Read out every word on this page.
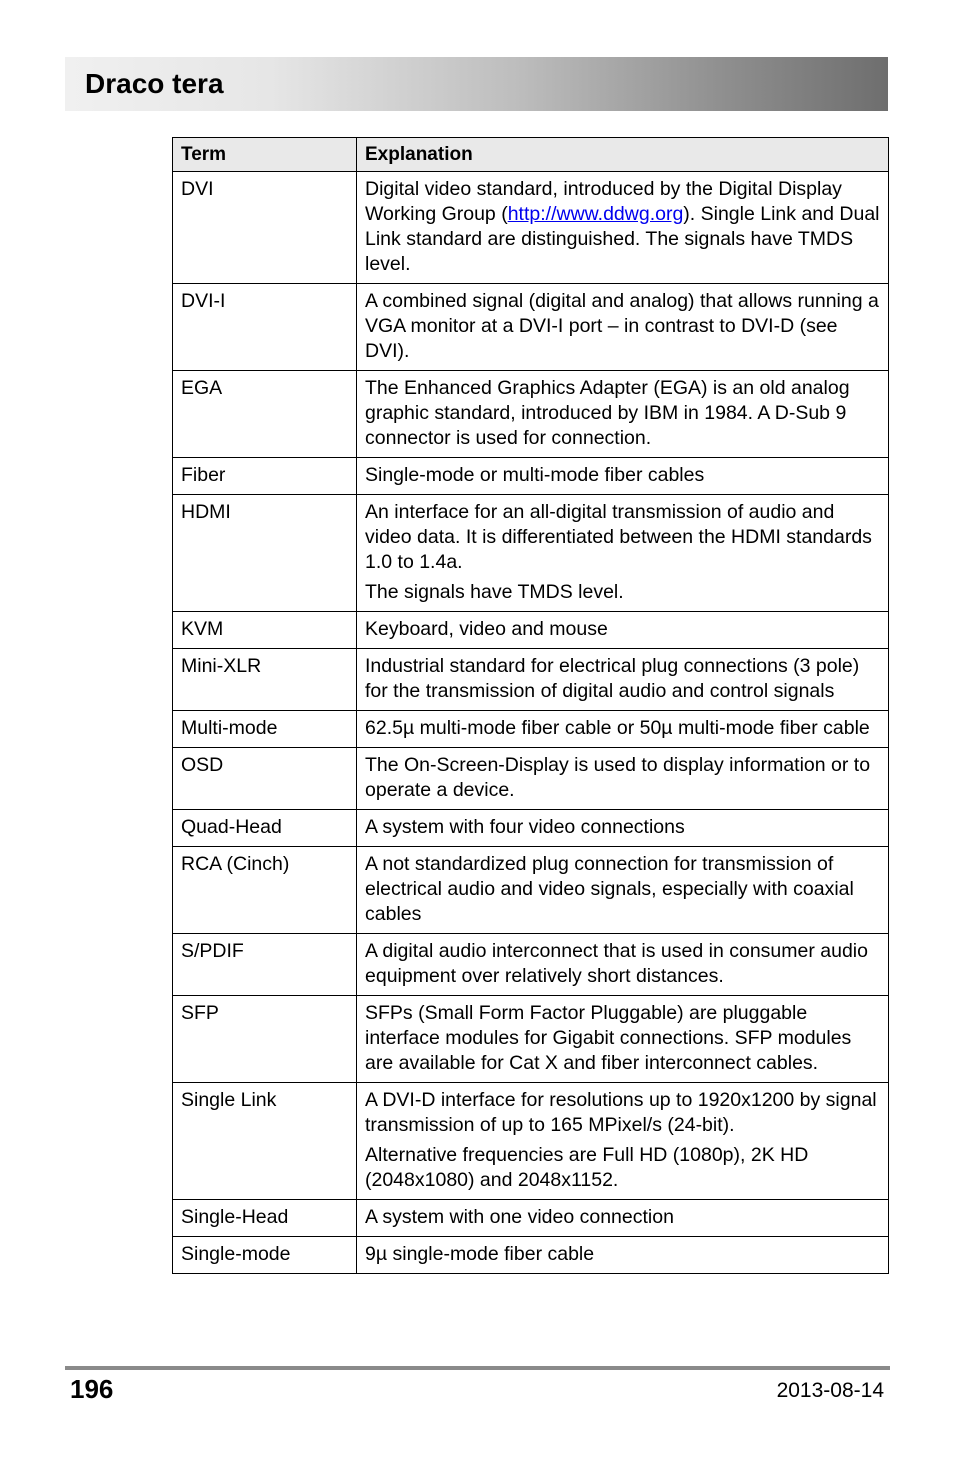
Draco tera
Term	Explanation
DVI	Digital video standard, introduced by the Digital Display Working Group (http://www.ddwg.org). Single Link and Dual Link standard are distinguished. The signals have TMDS level.

DVI-I	A combined signal (digital and analog) that allows running a VGA monitor at a DVI-I port – in contrast to DVI-D (see DVI).

EGA	The Enhanced Graphics Adapter (EGA) is an old analog graphic standard, introduced by IBM in 1984. A D-Sub 9 connector is used for connection.

Fiber	Single-mode or multi-mode fiber cables

HDMI	An interface for an all-digital transmission of audio and video data. It is differentiated between the HDMI standards 1.0 to 1.4a.

The signals have TMDS level.

KVM	Keyboard, video and mouse

Mini-XLR	Industrial standard for electrical plug connections (3 pole) for the transmission of digital audio and control signals

Multi-mode	62.5µ multi-mode fiber cable or 50µ multi-mode fiber cable

OSD	The On-Screen-Display is used to display information or to operate a device.

Quad-Head	A system with four video connections

RCA (Cinch)	A not standardized plug connection for transmission of electrical audio and video signals, especially with coaxial cables

S/PDIF	A digital audio interconnect that is used in consumer audio equipment over relatively short distances.

SFP	SFPs (Small Form Factor Pluggable) are pluggable interface modules for Gigabit connections. SFP modules are available for Cat X and fiber interconnect cables.

Single Link	A DVI-D interface for resolutions up to 1920x1200 by signal transmission of up to 165 MPixel/s (24-bit).

Alternative frequencies are Full HD (1080p), 2K HD (2048x1080) and 2048x1152.

Single-Head	A system with one video connection

Single-mode	9µ single-mode fiber cable

196	2013-08-14
